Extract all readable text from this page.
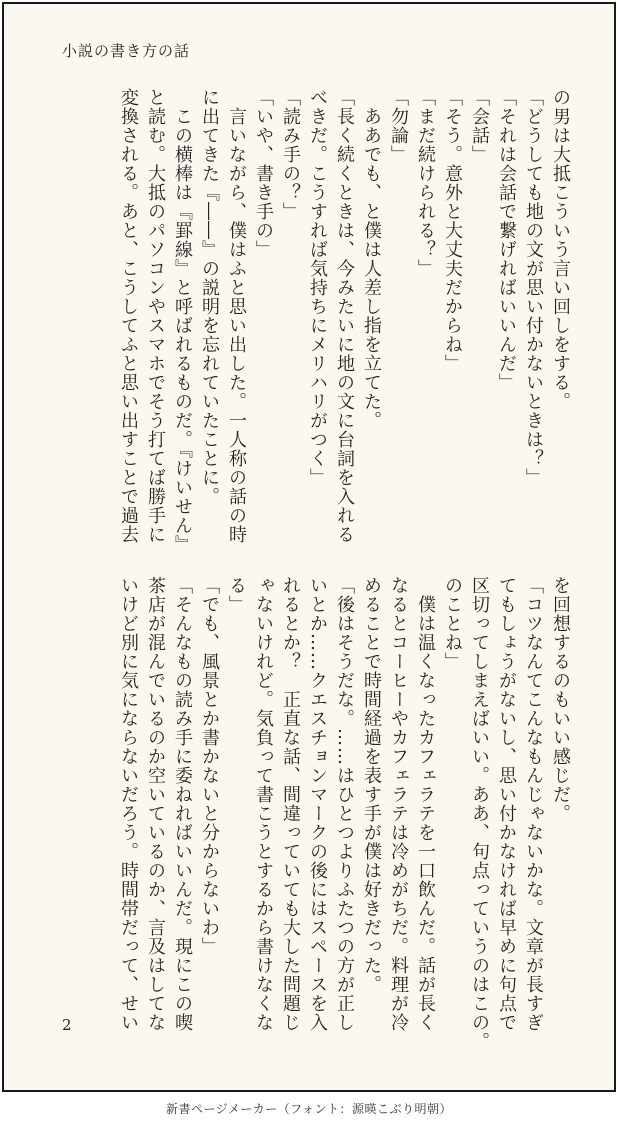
小説の書き方の話

の男は大抵こういう言い回しをする。

「どうしても地の文が思い付かないときは？」

「それは会話で繋げればいいんだ」

「会話」

「そう。意外と大丈夫だからね」

「まだ続けられる？」

「勿論」

　ああでも、と僕は人差し指を立てた。

「長く続くときは、今みたいに地の文に台詞を入れる

べきだ。こうすれば気持ちにメリハリがつく」

「読み手の？」

「いや、書き手の」

　言いながら、僕はふと思い出した。一人称の話の時

に出てきた『――』の説明を忘れていたことに。

　この横棒は『罫線』と呼ばれるものだ。『けいせん』

と読む。大抵のパソコンやスマホでそう打てば勝手に

変換される。あと、こうしてふと思い出すことで過去

を回想するのもいい感じだ。

「コツなんてこんなもんじゃないかな。文章が長すぎ

てもしょうがないし、思い付かなければ早めに句点で

区切ってしまえばいい。ああ、句点っていうのはこの。

のことね」

　僕は温くなったカフェラテを一口飲んだ。話が長く

なるとコーヒーやカフェラテは冷めがちだ。料理が冷

めることで時間経過を表す手が僕は好きだった。

「後はそうだな。……はひとつよりふたつの方が正し

いとか……クエスチョンマークの後にはスペースを入

れるとか？　正直な話、間違っていても大した問題じ

ゃないけれど。気負って書こうとするから書けなくな

る」

「でも、風景とか書かないと分からないわ」

「そんなもの読み手に委ねればいいんだ。現にこの喫

茶店が混んでいるのか空いているのか、言及はしてな

いけど別に気にならないだろう。時間帯だって、せい

2
新書ページメーカー（フォント：源暎こぶり明朝）
